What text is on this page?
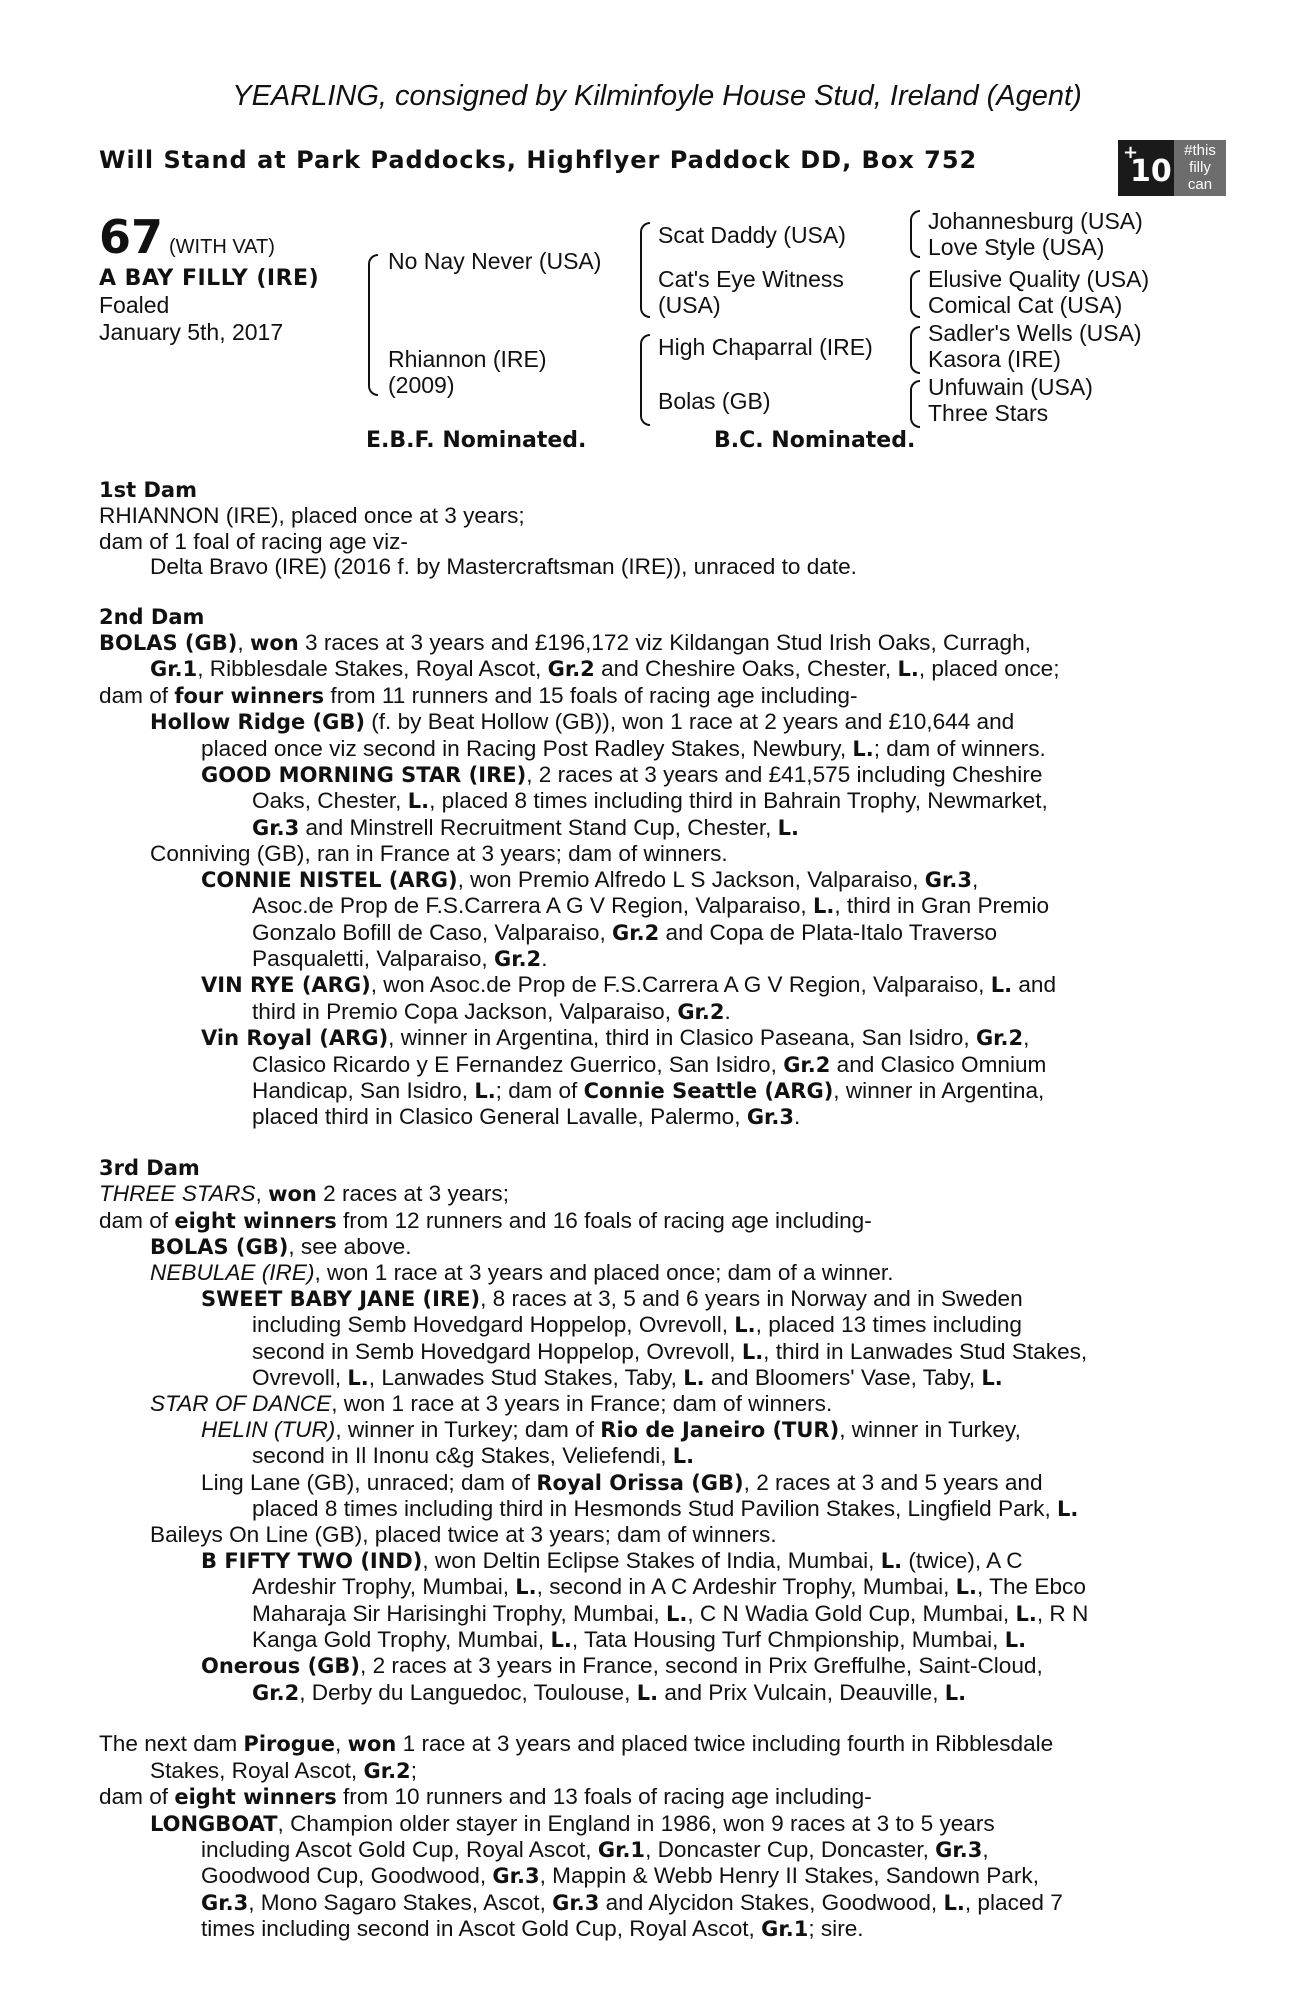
YEARLING, consigned by Kilminfoyle House Stud, Ireland (Agent)
Will Stand at Park Paddocks, Highflyer Paddock DD, Box 752	+
10
#this
filly
can
67 (WITH VAT)
A BAY FILLY (IRE)
Foaled
January 5th, 2017
No Nay Never (USA)
Rhiannon (IRE)
(2009)
Scat Daddy (USA)
Cat's Eye Witness
(USA)
High Chaparral (IRE)
Bolas (GB)
Johannesburg (USA)
Love Style (USA)
Elusive Quality (USA)
Comical Cat (USA)
Sadler's Wells (USA)
Kasora (IRE)
Unfuwain (USA)
Three Stars
E.B.F. Nominated.	B.C. Nominated.
1st Dam
RHIANNON (IRE), placed once at 3 years;
dam of 1 foal of racing age viz-
Delta Bravo (IRE) (2016 f. by Mastercraftsman (IRE)), unraced to date.
2nd Dam
BOLAS (GB), won 3 races at 3 years and £196,172 viz Kildangan Stud Irish Oaks, Curragh,
Gr.1, Ribblesdale Stakes, Royal Ascot, Gr.2 and Cheshire Oaks, Chester, L., placed once;
dam of four winners from 11 runners and 15 foals of racing age including-
Hollow Ridge (GB) (f. by Beat Hollow (GB)), won 1 race at 2 years and £10,644 and
placed once viz second in Racing Post Radley Stakes, Newbury, L.; dam of winners.
GOOD MORNING STAR (IRE), 2 races at 3 years and £41,575 including Cheshire
Oaks, Chester, L., placed 8 times including third in Bahrain Trophy, Newmarket,
Gr.3 and Minstrell Recruitment Stand Cup, Chester, L.
Conniving (GB), ran in France at 3 years; dam of winners.
CONNIE NISTEL (ARG), won Premio Alfredo L S Jackson, Valparaiso, Gr.3,
Asoc.de Prop de F.S.Carrera A G V Region, Valparaiso, L., third in Gran Premio
Gonzalo Bofill de Caso, Valparaiso, Gr.2 and Copa de Plata-Italo Traverso
Pasqualetti, Valparaiso, Gr.2.
VIN RYE (ARG), won Asoc.de Prop de F.S.Carrera A G V Region, Valparaiso, L. and
third in Premio Copa Jackson, Valparaiso, Gr.2.
Vin Royal (ARG), winner in Argentina, third in Clasico Paseana, San Isidro, Gr.2,
Clasico Ricardo y E Fernandez Guerrico, San Isidro, Gr.2 and Clasico Omnium
Handicap, San Isidro, L.; dam of Connie Seattle (ARG), winner in Argentina,
placed third in Clasico General Lavalle, Palermo, Gr.3.
3rd Dam
THREE STARS, won 2 races at 3 years;
dam of eight winners from 12 runners and 16 foals of racing age including-
BOLAS (GB), see above.
NEBULAE (IRE), won 1 race at 3 years and placed once; dam of a winner.
SWEET BABY JANE (IRE), 8 races at 3, 5 and 6 years in Norway and in Sweden
including Semb Hovedgard Hoppelop, Ovrevoll, L., placed 13 times including
second in Semb Hovedgard Hoppelop, Ovrevoll, L., third in Lanwades Stud Stakes,
Ovrevoll, L., Lanwades Stud Stakes, Taby, L. and Bloomers' Vase, Taby, L.
STAR OF DANCE, won 1 race at 3 years in France; dam of winners.
HELIN (TUR), winner in Turkey; dam of Rio de Janeiro (TUR), winner in Turkey,
second in Il Inonu c&g Stakes, Veliefendi, L.
Ling Lane (GB), unraced; dam of Royal Orissa (GB), 2 races at 3 and 5 years and
placed 8 times including third in Hesmonds Stud Pavilion Stakes, Lingfield Park, L.
Baileys On Line (GB), placed twice at 3 years; dam of winners.
B FIFTY TWO (IND), won Deltin Eclipse Stakes of India, Mumbai, L. (twice), A C
Ardeshir Trophy, Mumbai, L., second in A C Ardeshir Trophy, Mumbai, L., The Ebco
Maharaja Sir Harisinghi Trophy, Mumbai, L., C N Wadia Gold Cup, Mumbai, L., R N
Kanga Gold Trophy, Mumbai, L., Tata Housing Turf Chmpionship, Mumbai, L.
Onerous (GB), 2 races at 3 years in France, second in Prix Greffulhe, Saint-Cloud,
Gr.2, Derby du Languedoc, Toulouse, L. and Prix Vulcain, Deauville, L.
The next dam Pirogue, won 1 race at 3 years and placed twice including fourth in Ribblesdale
Stakes, Royal Ascot, Gr.2;
dam of eight winners from 10 runners and 13 foals of racing age including-
LONGBOAT, Champion older stayer in England in 1986, won 9 races at 3 to 5 years
including Ascot Gold Cup, Royal Ascot, Gr.1, Doncaster Cup, Doncaster, Gr.3,
Goodwood Cup, Goodwood, Gr.3, Mappin & Webb Henry II Stakes, Sandown Park,
Gr.3, Mono Sagaro Stakes, Ascot, Gr.3 and Alycidon Stakes, Goodwood, L., placed 7
times including second in Ascot Gold Cup, Royal Ascot, Gr.1; sire.
